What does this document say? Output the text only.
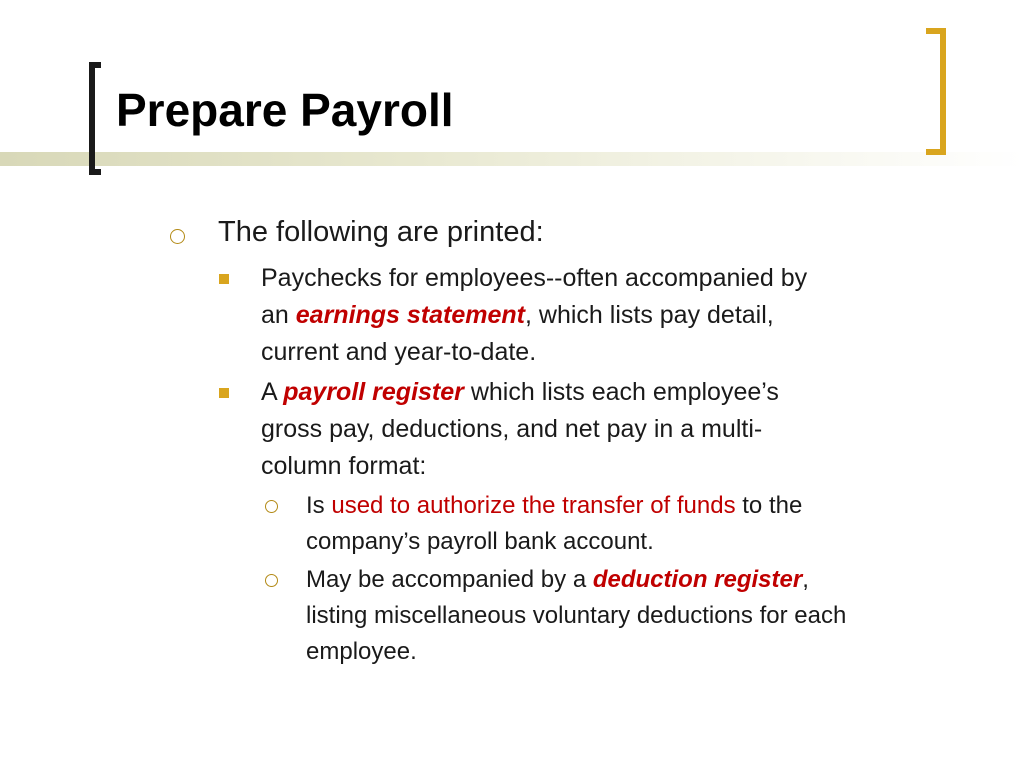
Prepare Payroll

The following are printed:

Paychecks for employees--often accompanied by
an earnings statement, which lists pay detail,
current and year-to-date.
A payroll register which lists each employee’s
gross pay, deductions, and net pay in a multi-
column format:
Is used to authorize the transfer of funds to the
company’s payroll bank account.
May be accompanied by a deduction register,
listing miscellaneous voluntary deductions for each
employee.
